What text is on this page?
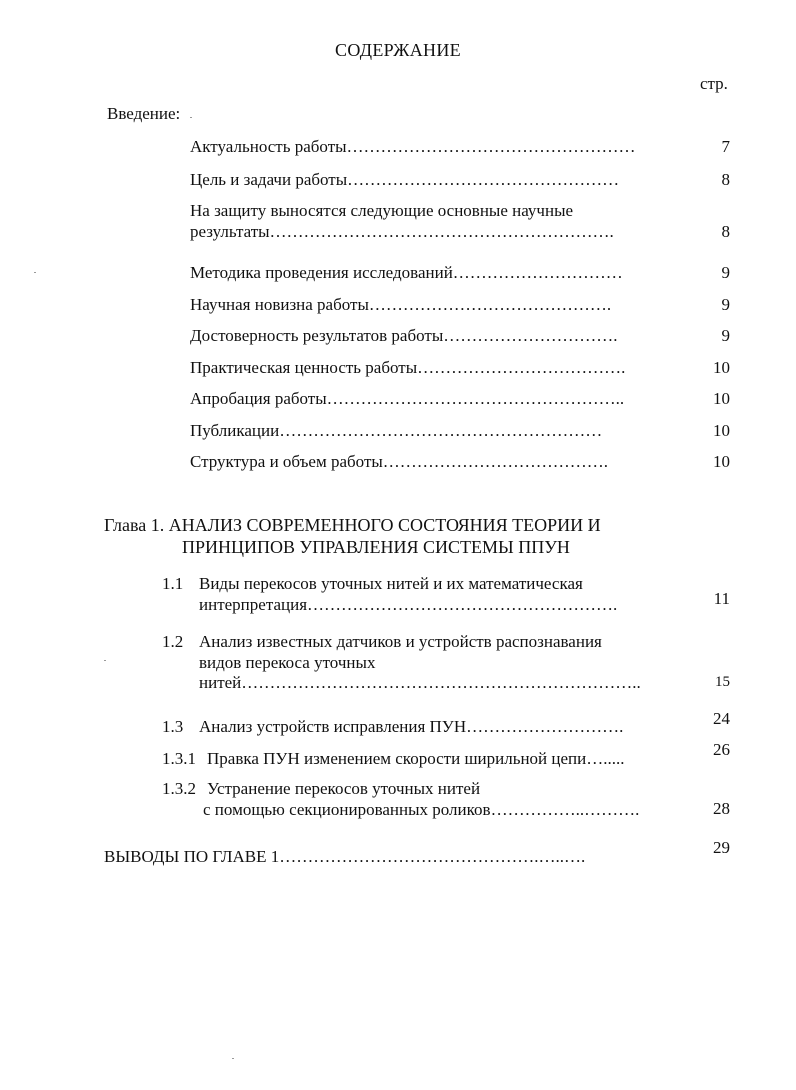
СОДЕРЖАНИЕ
стр.
Введение:
Актуальность работы……………………………………………	7
Цель и задачи работы…………………………………………	8
На защиту выносятся следующие основные научные
результаты…………………………………………………….	8
Методика проведения исследований…………………………	9
Научная новизна работы…………………………………….	9
Достоверность результатов работы………………………….	9
Практическая ценность работы……………………………….	10
Апробация работы……………………………………………..	10
Публикации…………………………………………………	10
Структура и объем работы………………………………….	10
Глава 1. АНАЛИЗ СОВРЕМЕННОГО СОСТОЯНИЯ ТЕОРИИ И
ПРИНЦИПОВ УПРАВЛЕНИЯ СИСТЕМЫ ППУН
1.1 Виды перекосов уточных нитей и их математическая
интерпретация……………………………………………….	11
1.2 Анализ известных датчиков и устройств распознавания
видов перекоса уточных
нитей……………………………………………………………..	15
1.3 Анализ устройств исправления ПУН……………………….	24
1.3.1 Правка ПУН изменением скорости ширильной цепи….....	26
1.3.2 Устранение перекосов уточных нитей
с помощью секционированных роликов……………..……….	28
ВЫВОДЫ ПО ГЛАВЕ 1……………………………………….…..….	29
